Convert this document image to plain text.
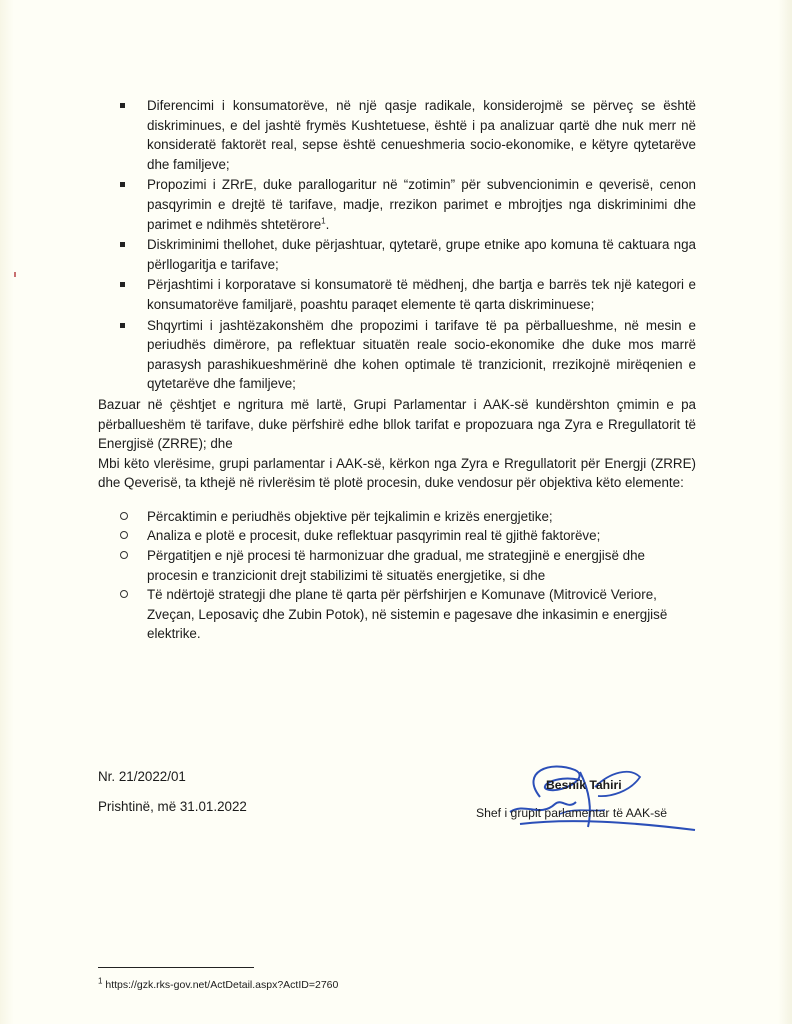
Diferencimi i konsumatorëve, në një qasje radikale, konsiderojmë se përveç se është diskriminues, e del jashtë frymës Kushtetuese, është i pa analizuar qartë dhe nuk merr në konsideratë faktorët real, sepse është cenueshmeria socio-ekonomike, e këtyre qytetarëve dhe familjeve;
Propozimi i ZRrE, duke parallogaritur në “zotimin” për subvencionimin e qeverisë, cenon pasqyrimin e drejtë të tarifave, madje, rrezikon parimet e mbrojtjes nga diskriminimi dhe parimet e ndihmës shtetërore$^1$.
Diskriminimi thellohet, duke përjashtuar, qytetarë, grupe etnike apo komuna të caktuara nga përllogaritja e tarifave;
Përjashtimi i korporatave si konsumatorë të mëdhenj, dhe bartja e barrës tek një kategori e konsumatorëve familjarë, poashtu paraqet elemente të qarta diskriminuese;
Shqyrtimi i jashtëzakonshëm dhe propozimi i tarifave të pa përballueshme, në mesin e periudhës dimërore, pa reflektuar situatën reale socio-ekonomike dhe duke mos marrë parasysh parashikueshmërinë dhe kohen optimale të tranzicionit, rrezikojnë mirëqenien e qytetarëve dhe familjeve;

Bazuar në çështjet e ngritura më lartë, Grupi Parlamentar i AAK-së kundërshton çmimin e pa përballueshëm të tarifave, duke përfshirë edhe bllok tarifat e propozuara nga Zyra e Rregullatorit të Energjisë (ZRRE); dhe

Mbi këto vlerësime, grupi parlamentar i AAK-së, kërkon nga Zyra e Rregullatorit për Energji (ZRRE) dhe Qeverisë, ta kthejë në rivlerësim të plotë procesin, duke vendosur për objektiva këto elemente:

Përcaktimin e periudhës objektive për tejkalimin e krizës energjetike;
Analiza e plotë e procesit, duke reflektuar pasqyrimin real të gjithë faktorëve;
Përgatitjen e një procesi të harmonizuar dhe gradual, me strategjinë e energjisë dhe procesin e tranzicionit drejt stabilizimi të situatës energjetike, si dhe
Të ndërtojë strategji dhe plane të qarta për përfshirjen e Komunave (Mitrovicë Veriore, Zveçan, Leposaviç dhe Zubin Potok), në sistemin e pagesave dhe inkasimin e energjisë elektrike.
Nr. 21/2022/01
Prishtinë, më 31.01.2022
Besnik Tahiri
Shef i grupit parlamentar të AAK-së
$^1$ https://gzk.rks-gov.net/ActDetail.aspx?ActID=2760
